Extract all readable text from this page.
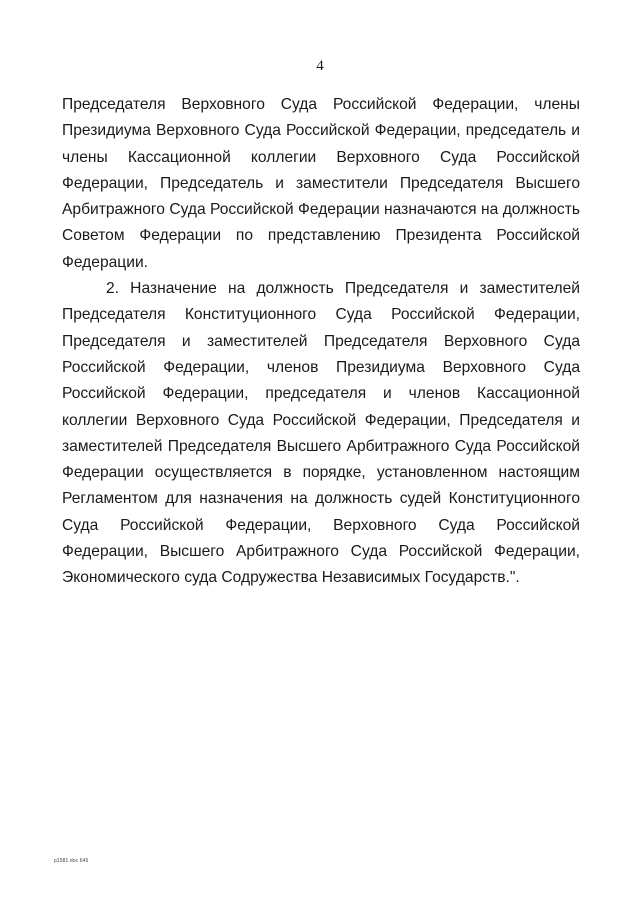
4

Председателя Верховного Суда Российской Федерации, члены Президиума Верховного Суда Российской Федерации, председатель и члены Кассационной коллегии Верховного Суда Российской Федерации, Председатель и заместители Председателя Высшего Арбитражного Суда Российской Федерации назначаются на должность Советом Федерации по представлению Президента Российской Федерации.

2. Назначение на должность Председателя и заместителей Председателя Конституционного Суда Российской Федерации, Председателя и заместителей Председателя Верховного Суда Российской Федерации, членов Президиума Верховного Суда Российской Федерации, председателя и членов Кассационной коллегии Верховного Суда Российской Федерации, Председателя и заместителей Председателя Высшего Арбитражного Суда Российской Федерации осуществляется в порядке, установленном настоящим Регламентом для назначения на должность судей Конституционного Суда Российской Федерации, Верховного Суда Российской Федерации, Высшего Арбитражного Суда Российской Федерации, Экономического суда Содружества Независимых Государств.".

p1581 doc 645
